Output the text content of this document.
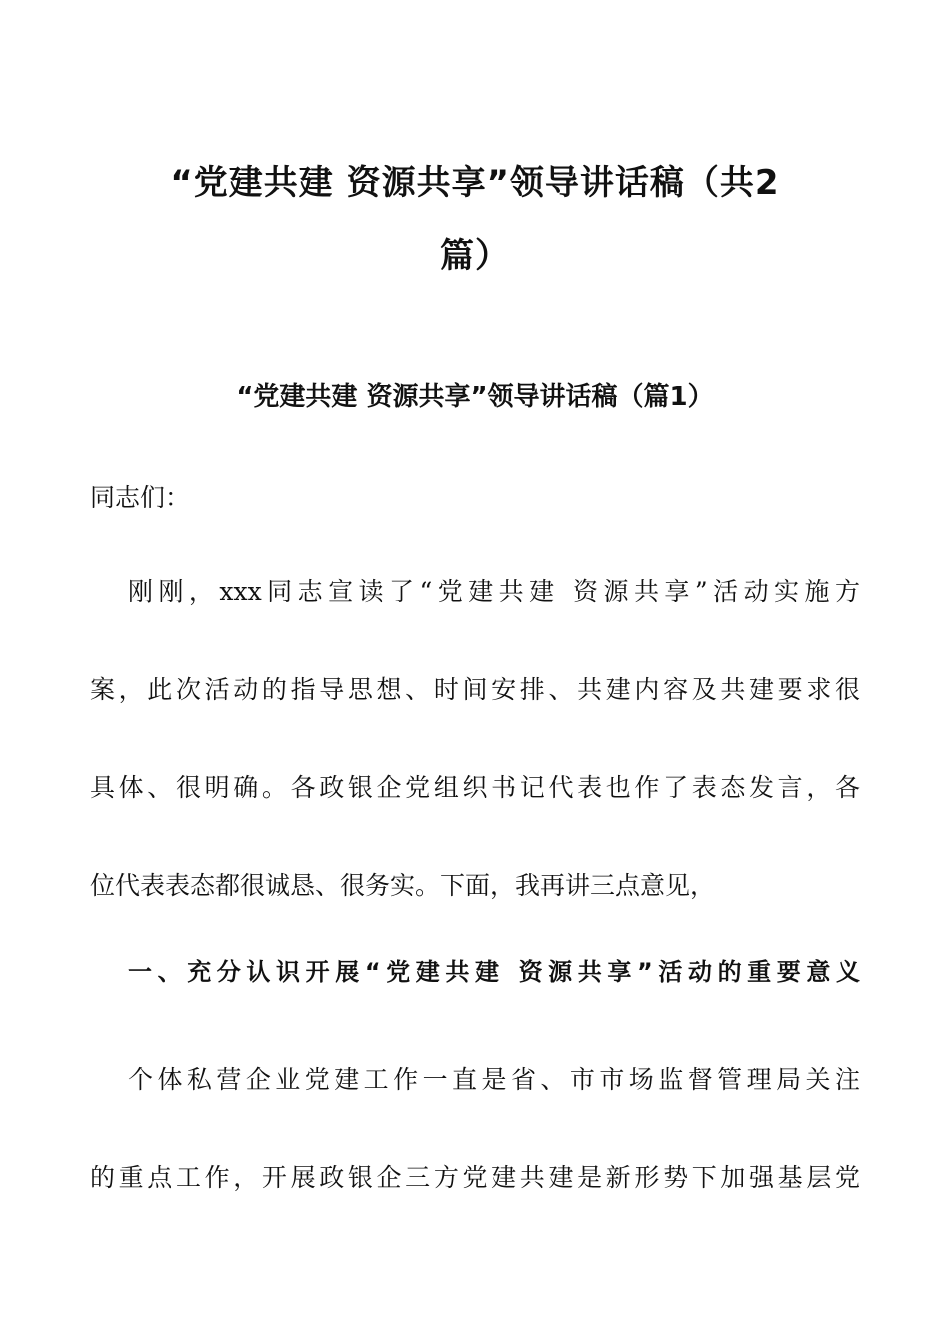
“党建共建 资源共享”领导讲话稿（共2
篇）
“党建共建 资源共享”领导讲话稿（篇1）
同志们：
刚刚，xxx同志宣读了“党建共建 资源共享”活动实施方
案，此次活动的指导思想、时间安排、共建内容及共建要求很
具体、很明确。各政银企党组织书记代表也作了表态发言，各
位代表表态都很诚恳、很务实。下面，我再讲三点意见，
一、充分认识开展“党建共建 资源共享”活动的重要意义
个体私营企业党建工作一直是省、市市场监督管理局关注
的重点工作，开展政银企三方党建共建是新形势下加强基层党
